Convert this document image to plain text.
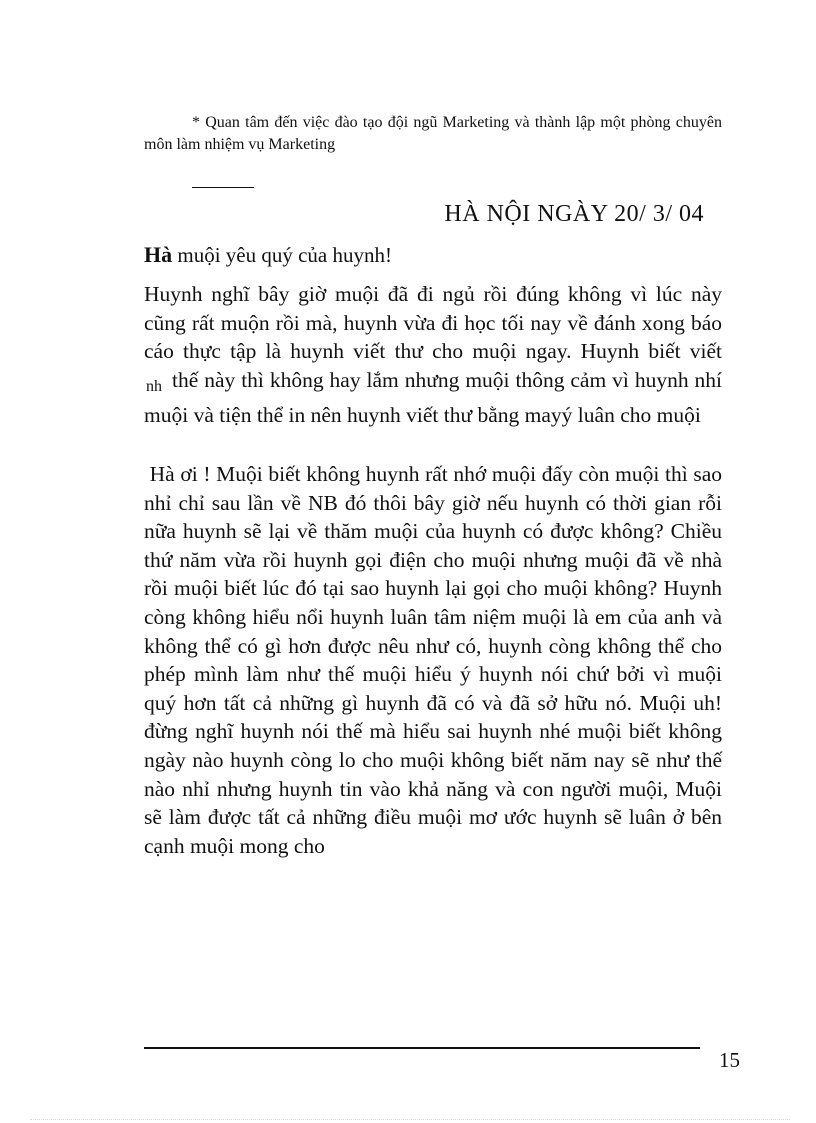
* Quan tâm đến việc đào tạo đội ngũ Marketing và thành lập một phòng chuyên môn làm nhiệm vụ Marketing

HÀ NỘI NGÀY 20/ 3/ 04

Hà muội yêu quý của huynh!

Huynh nghĩ bây giờ muội đã đi ngủ rồi đúng không vì lúc này cũng rất muộn rồi mà, huynh vừa đi học tối nay về đánh xong báo cáo thực tập là huynh viết thư cho muội ngay. Huynh biết viết $_{nh}$ thế này thì không hay lắm nhưng muội thông cảm vì huynh nhí muội và tiện thể in nên huynh viết thư bằng mayý luân cho muội

Hà ơi ! Muội biết không huynh rất nhớ muội đấy còn muội thì sao nhỉ chỉ sau lần về NB đó thôi bây giờ nếu huynh có thời gian rỗi nữa huynh sẽ lại về thăm muội của huynh có được không? Chiều thứ năm vừa rồi huynh gọi điện cho muội nhưng muội đã về nhà rồi muội biết lúc đó tại sao huynh lại gọi cho muội không? Huynh còng không hiểu nổi huynh luân tâm niệm muội là em của anh và không thể có gì hơn được nêu như có, huynh còng không thể cho phép mình làm như thế muội hiểu ý huynh nói chứ bởi vì muội quý hơn tất cả những gì huynh đã có và đã sở hữu nó. Muội uh! đừng nghĩ huynh nói thế mà hiểu sai huynh nhé muội biết không ngày nào huynh còng lo cho muội không biết năm nay sẽ như thế nào nhỉ nhưng huynh tin vào khả năng và con người muội, Muội sẽ làm được tất cả những điều muội mơ ước huynh sẽ luân ở bên cạnh muội mong cho

15
